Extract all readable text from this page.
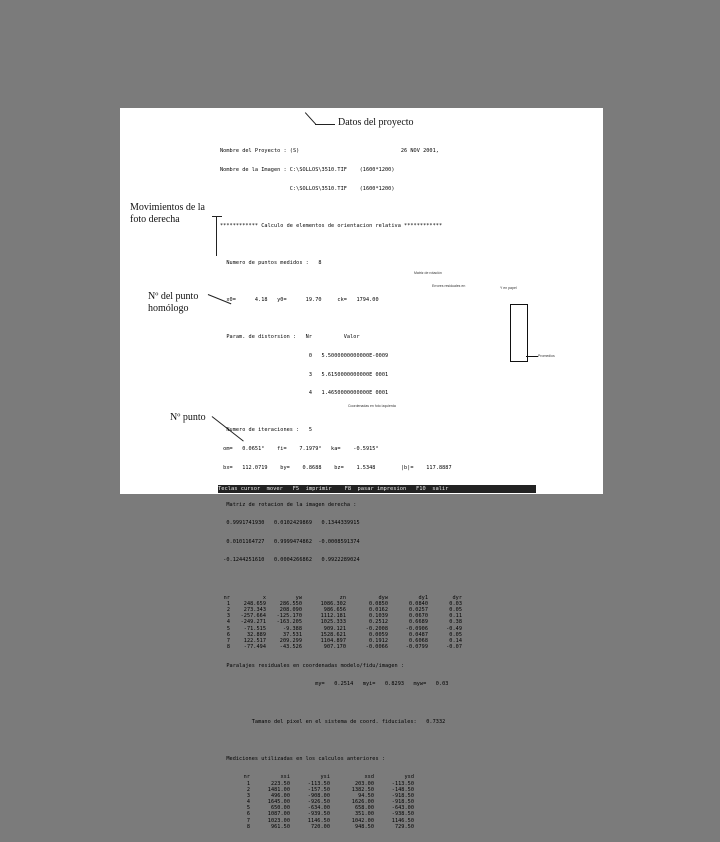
Datos del proyecto
Movimientos de la foto derecha
Nº del punto homólogo
Nº punto
Matriz de rotación
Errores residuales en	Y en papel
Promedios
Coordenadas en foto izquierda

Nombre del Proyecto : (S)                                26 NOV 2001,

Nombre de la Imagen : C:\SOLLOS\3510.TIF    (1600*1200)

C:\SOLLOS\3510.TIF    (1600*1200)

************ Calculo de elementos de orientacion relativa ************

Numero de puntos medidos :   8

x0=      4.18   y0=      19.70     ck=   1794.00

Param. de distorsion :   Nr          Valor

0   5.5000000000000E-0009

3   5.6150000000000E 0001

4   1.4650000000000E 0001

Numero de iteraciones :   5

om=   0.0651°    fi=    7.1979°   ka=    -0.5915°

bx=   112.0719    by=    0.8688    bz=    1.5348        |b|=    117.8887

Matriz de rotacion de la imagen derecha :

0.9991741930   0.0102429869   0.1344339915

0.0101164727   0.9999474862  -0.0008591374

-0.1244251610   0.0004266862   0.9922289024

nr	x	yw	zn	dyw	dy1	dyr
1	248.659	286.550	1086.302	0.0850	0.0840	0.03
2	273.343	208.090	986.656	0.0162	0.0257	0.05
3	-257.664	-125.170	1112.181	0.1039	0.0670	0.11
4	-249.271	-163.205	1025.333	0.2512	0.6689	0.38
5	-71.515	-9.388	909.121	-0.2008	-0.0906	-0.49
6	32.889	37.531	1528.621	0.0059	0.0487	0.05
7	122.517	209.299	1104.897	0.1912	0.6068	0.14
8	-77.494	-43.526	907.170	-0.0066	-0.0799	-0.07

Paralajes residuales en coordenadas modelo/fidu/imagen :

my=   0.2514   myi=   0.8293   myw=   0.03

Tamano del pixel en el sistema de coord. fiduciales:   0.7332

Mediciones utilizadas en los calculos anteriores :

nr	xsi	ysi	xsd	ysd
1	223.50	-113.50	203.00	-113.50
2	1481.00	-157.50	1382.50	-148.50
3	496.00	-908.00	94.50	-918.50
4	1645.00	-926.50	1626.00	-918.50
5	650.00	-634.00	658.00	-643.00
6	1087.00	-939.50	351.00	-938.50
7	1023.00	1146.50	1042.00	1146.50
8	961.50	720.00	948.50	729.50

Teclas cursor  mover   F5  imprimir    F8  pasar impresion   F10  salir
